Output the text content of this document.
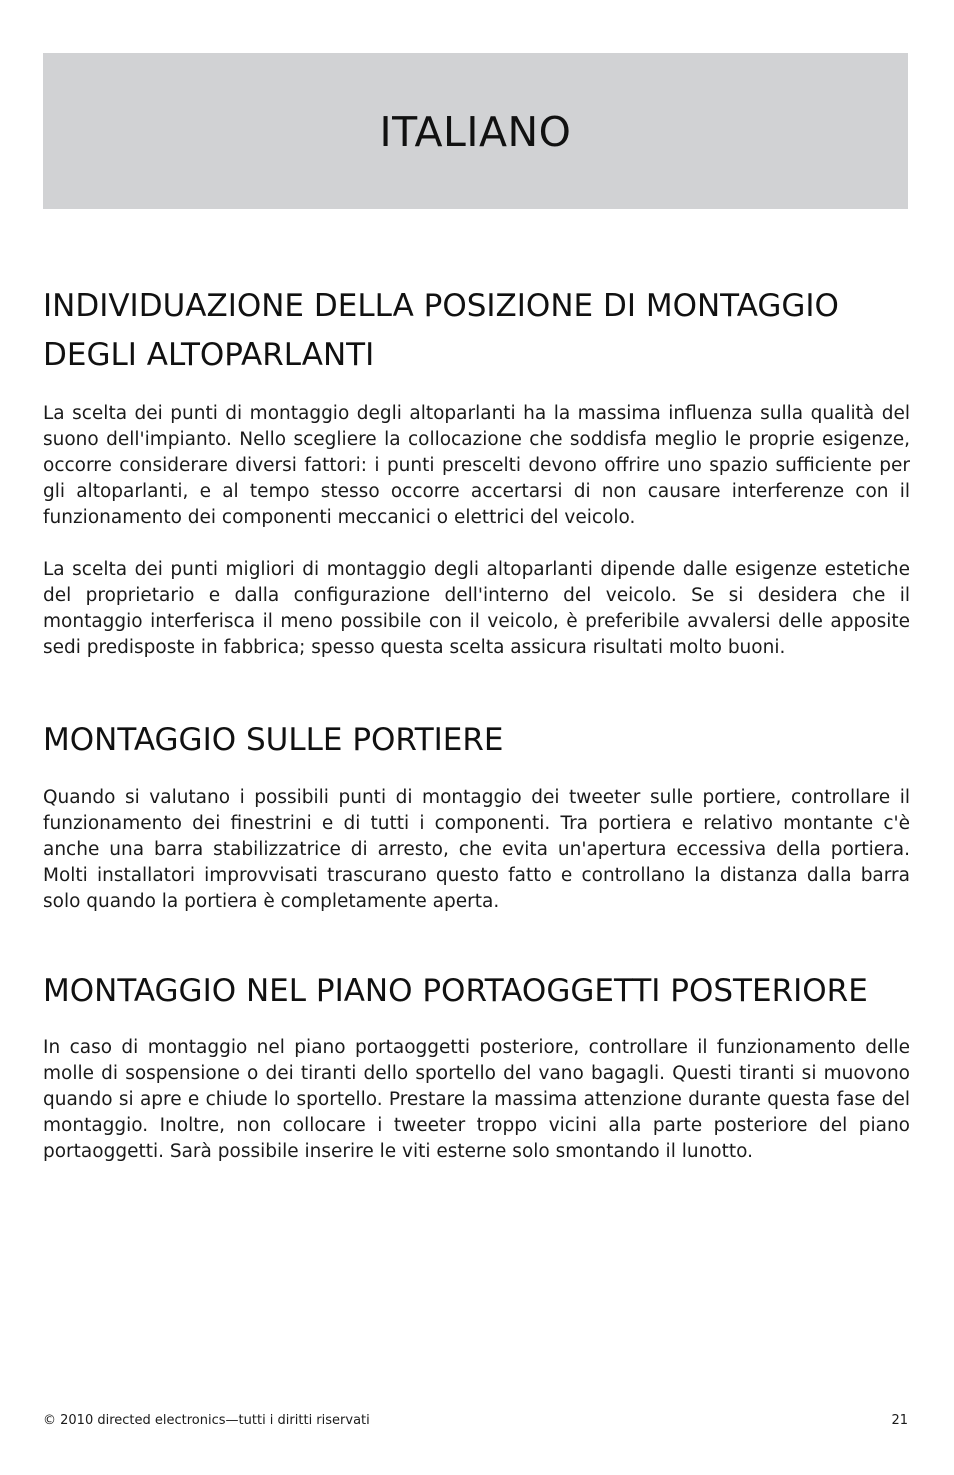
ITALIANO
INDIVIDUAZIONE DELLA POSIZIONE DI MONTAGGIO DEGLI ALTOPARLANTI

La scelta dei punti di montaggio degli altoparlanti ha la massima influenza sulla qualità del suono dell'impianto. Nello scegliere la collocazione che soddisfa meglio le proprie esigenze, occorre considerare diversi fattori: i punti prescelti devono offrire uno spazio sufficiente per gli altoparlanti, e al tempo stesso occorre accertarsi di non causare interferenze con il funzionamento dei componenti meccanici o elettrici del veicolo.

La scelta dei punti migliori di montaggio degli altoparlanti dipende dalle esigenze estetiche del proprietario e dalla configurazione dell'interno del veicolo. Se si desidera che il montaggio interferisca il meno possibile con il veicolo, è preferibile avvalersi delle apposite sedi predisposte in fabbrica; spesso questa scelta assicura risultati molto buoni.

MONTAGGIO SULLE PORTIERE

Quando si valutano i possibili punti di montaggio dei tweeter sulle portiere, controllare il funzionamento dei finestrini e di tutti i componenti. Tra portiera e relativo montante c'è anche una barra stabilizzatrice di arresto, che evita un'apertura eccessiva della portiera. Molti installatori improvvisati trascurano questo fatto e controllano la distanza dalla barra solo quando la portiera è completamente aperta.

MONTAGGIO NEL PIANO PORTAOGGETTI POSTERIORE

In caso di montaggio nel piano portaoggetti posteriore, controllare il funzionamento delle molle di sospensione o dei tiranti dello sportello del vano bagagli. Questi tiranti si muovono quando si apre e chiude lo sportello. Prestare la massima attenzione durante questa fase del montaggio. Inoltre, non collocare i tweeter troppo vicini alla parte posteriore del piano portaoggetti. Sarà possibile inserire le viti esterne solo smontando il lunotto.

© 2010 directed electronics—tutti i diritti riservati	21
